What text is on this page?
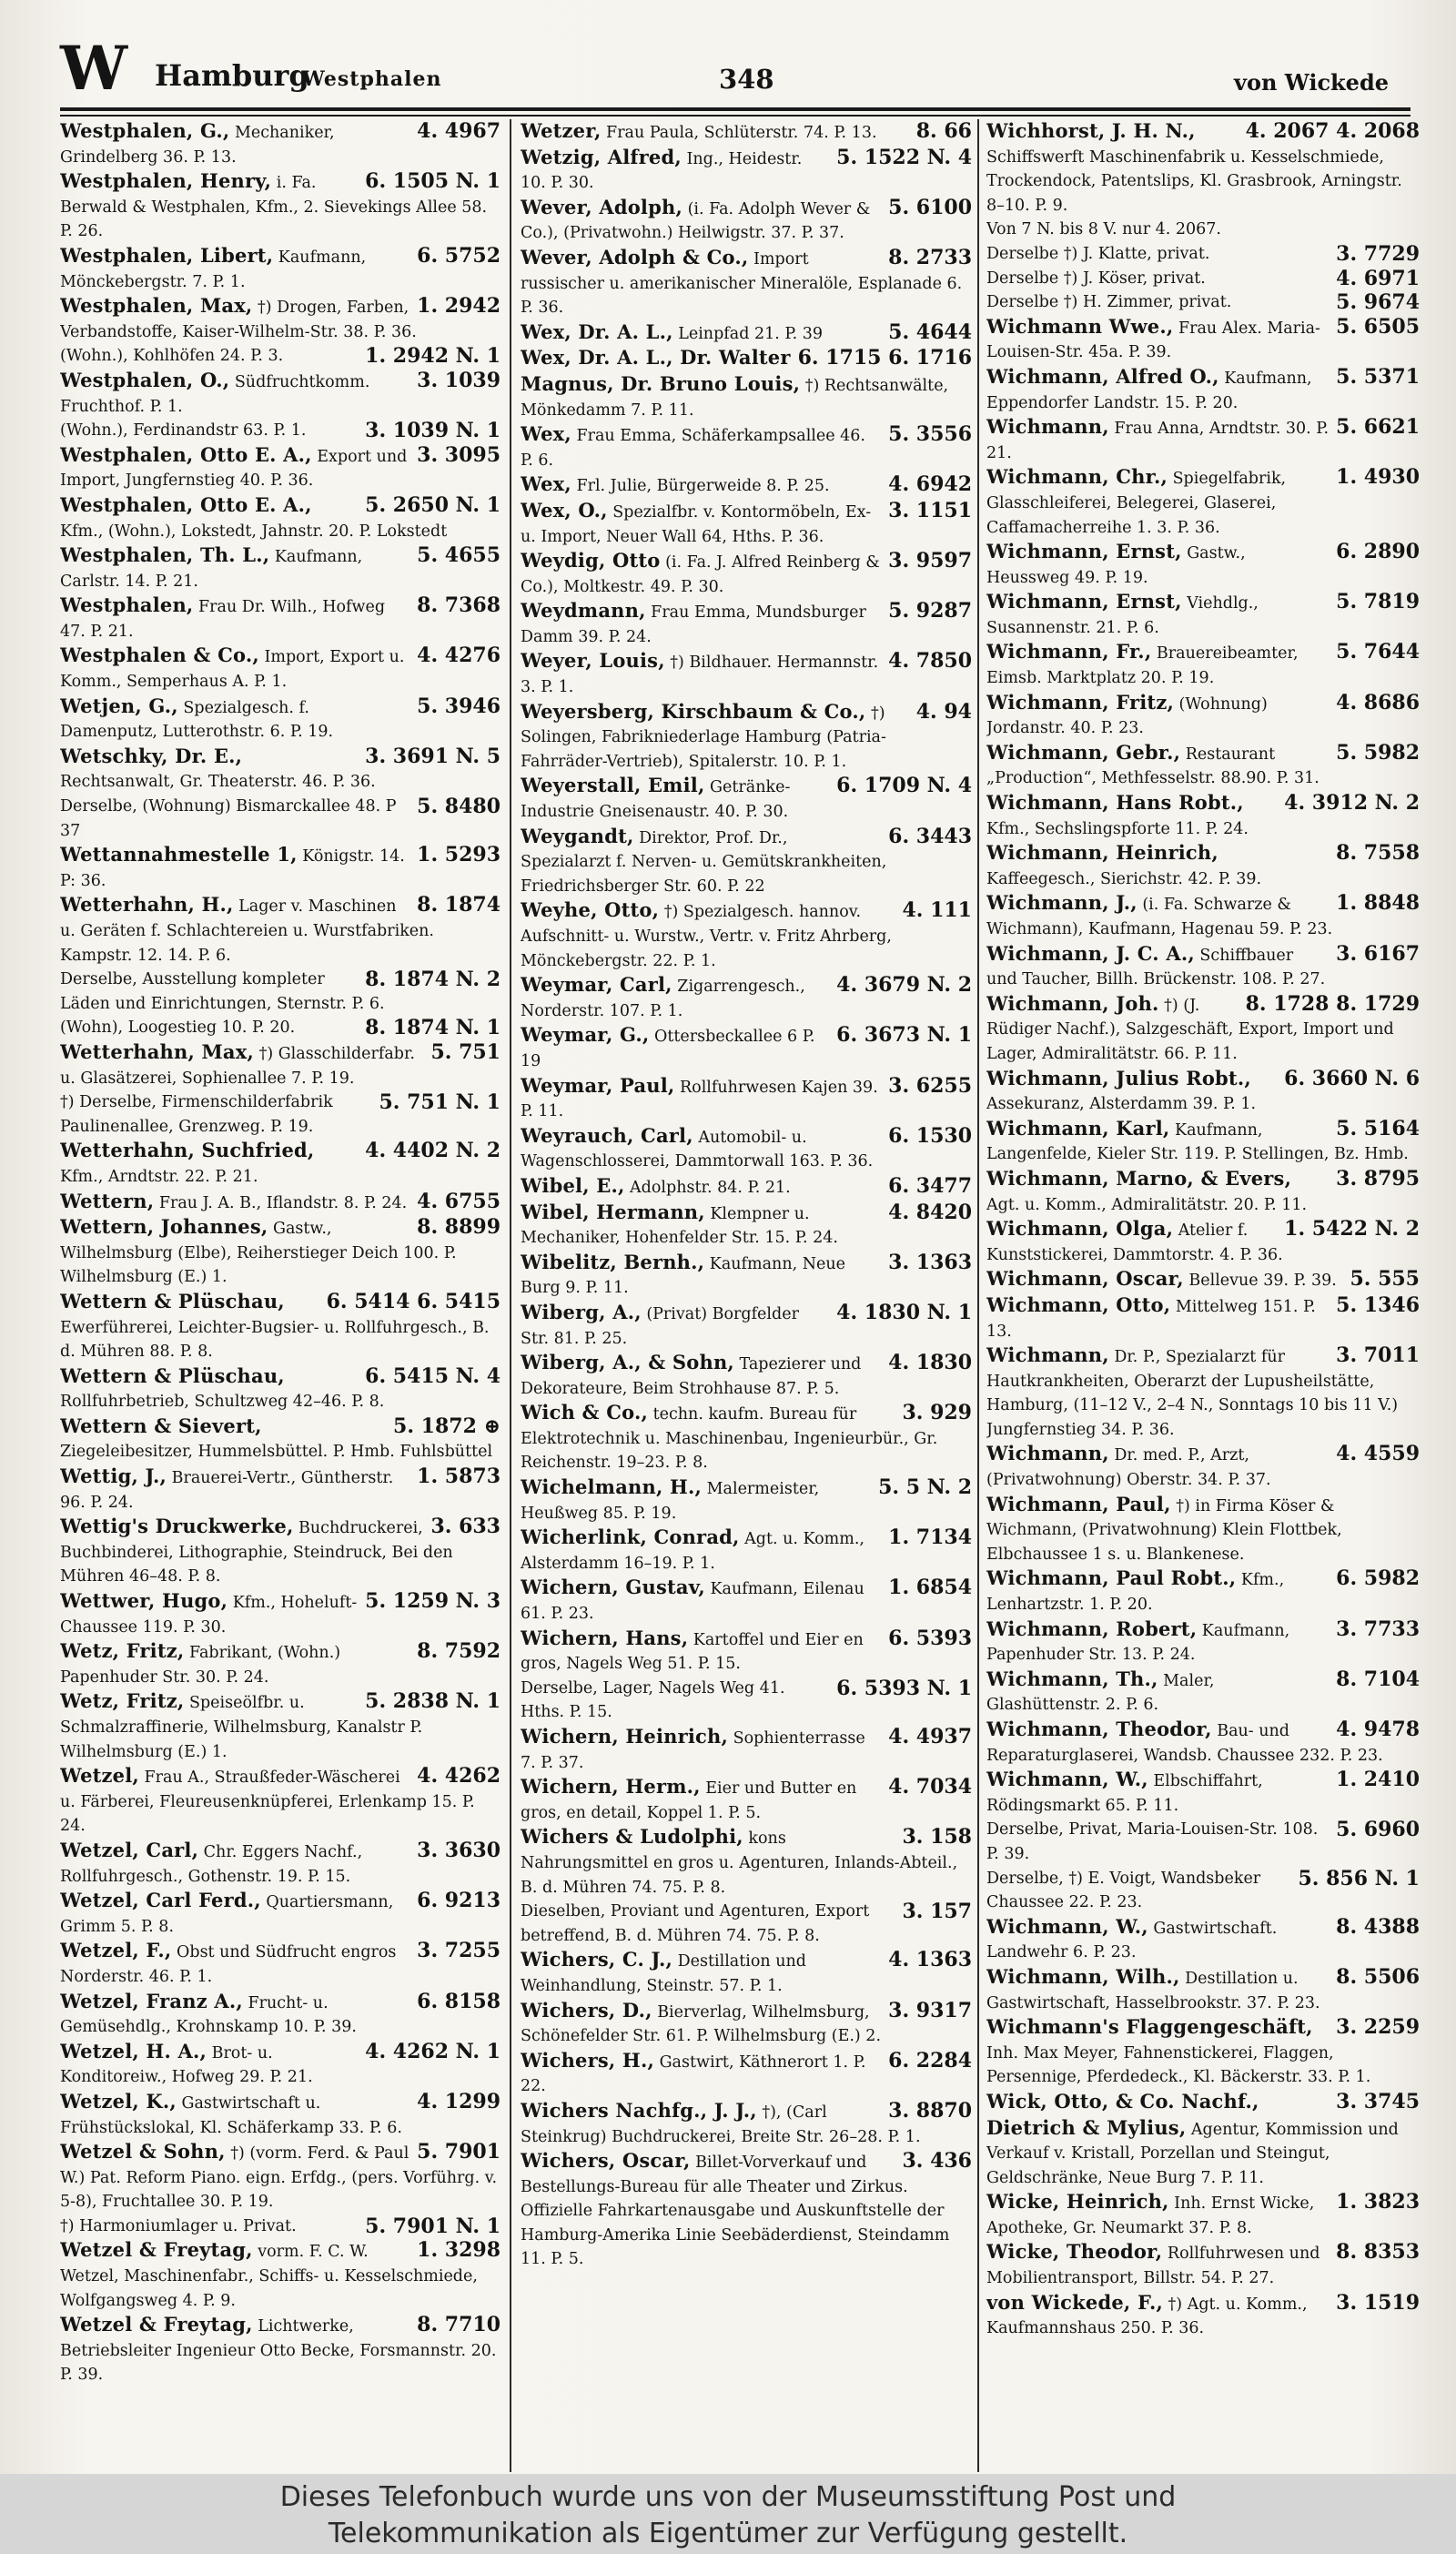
W Hamburg
Westphalen	348	von Wickede

4. 4967
Westphalen, G., Mechaniker, Grindelberg 36. P. 13.

6. 1505 N. 1
Westphalen, Henry, i. Fa. Berwald & Westphalen, Kfm., 2. Sievekings Allee 58. P. 26.

6. 5752
Westphalen, Libert, Kaufmann, Mönckebergstr. 7. P. 1.

1. 2942
Westphalen, Max, †) Drogen, Farben, Verbandstoffe, Kaiser-Wilhelm-Str. 38. P. 36.

1. 2942 N. 1
(Wohn.), Kohlhöfen 24. P. 3.

3. 1039
Westphalen, O., Südfruchtkomm. Fruchthof. P. 1.

3. 1039 N. 1
(Wohn.), Ferdinandstr 63. P. 1.

3. 3095
Westphalen, Otto E. A., Export und Import, Jungfernstieg 40. P. 36.

5. 2650 N. 1
Westphalen, Otto E. A., Kfm., (Wohn.), Lokstedt, Jahnstr. 20. P. Lokstedt

5. 4655
Westphalen, Th. L., Kaufmann, Carlstr. 14. P. 21.

8. 7368
Westphalen, Frau Dr. Wilh., Hofweg 47. P. 21.

4. 4276
Westphalen & Co., Import, Export u. Komm., Semperhaus A. P. 1.

5. 3946
Wetjen, G., Spezialgesch. f. Damenputz, Lutterothstr. 6. P. 19.

3. 3691 N. 5
Wetschky, Dr. E., Rechtsanwalt, Gr. Theaterstr. 46. P. 36.

5. 8480
Derselbe, (Wohnung) Bismarckallee 48. P 37

1. 5293
Wettannahmestelle 1, Königstr. 14. P: 36.

8. 1874
Wetterhahn, H., Lager v. Maschinen u. Geräten f. Schlachtereien u. Wurstfabriken. Kampstr. 12. 14. P. 6.

8. 1874 N. 2
Derselbe, Ausstellung kompleter Läden und Einrichtungen, Sternstr. P. 6.

8. 1874 N. 1
(Wohn), Loogestieg 10. P. 20.

5. 751
Wetterhahn, Max, †) Glasschilderfabr. u. Glasätzerei, Sophienallee 7. P. 19.

5. 751 N. 1
†) Derselbe, Firmenschilderfabrik Paulinenallee, Grenzweg. P. 19.

4. 4402 N. 2
Wetterhahn, Suchfried, Kfm., Arndtstr. 22. P. 21.

4. 6755
Wettern, Frau J. A. B., Iflandstr. 8. P. 24.

8. 8899
Wettern, Johannes, Gastw., Wilhelmsburg (Elbe), Reiherstieger Deich 100. P. Wilhelmsburg (E.) 1.

6. 5414 6. 5415
Wettern & Plüschau, Ewerführerei, Leichter-Bugsier- u. Rollfuhrgesch., B. d. Mühren 88. P. 8.

6. 5415 N. 4
Wettern & Plüschau, Rollfuhrbetrieb, Schultzweg 42–46. P. 8.

5. 1872 ⊕
Wettern & Sievert, Ziegeleibesitzer, Hummelsbüttel. P. Hmb. Fuhlsbüttel

1. 5873
Wettig, J., Brauerei-Vertr., Güntherstr. 96. P. 24.

3. 633
Wettig's Druckwerke, Buchdruckerei, Buchbinderei, Lithographie, Steindruck, Bei den Mühren 46–48. P. 8.

5. 1259 N. 3
Wettwer, Hugo, Kfm., Hoheluft-Chaussee 119. P. 30.

8. 7592
Wetz, Fritz, Fabrikant, (Wohn.) Papenhuder Str. 30. P. 24.

5. 2838 N. 1
Wetz, Fritz, Speiseölfbr. u. Schmalzraffinerie, Wilhelmsburg, Kanalstr P. Wilhelmsburg (E.) 1.

4. 4262
Wetzel, Frau A., Straußfeder-Wäscherei u. Färberei, Fleureusenknüpferei, Erlenkamp 15. P. 24.

3. 3630
Wetzel, Carl, Chr. Eggers Nachf., Rollfuhrgesch., Gothenstr. 19. P. 15.

6. 9213
Wetzel, Carl Ferd., Quartiersmann, Grimm 5. P. 8.

3. 7255
Wetzel, F., Obst und Südfrucht engros Norderstr. 46. P. 1.

6. 8158
Wetzel, Franz A., Frucht- u. Gemüsehdlg., Krohnskamp 10. P. 39.

4. 4262 N. 1
Wetzel, H. A., Brot- u. Konditoreiw., Hofweg 29. P. 21.

4. 1299
Wetzel, K., Gastwirtschaft u. Frühstückslokal, Kl. Schäferkamp 33. P. 6.

5. 7901
Wetzel & Sohn, †) (vorm. Ferd. & Paul W.) Pat. Reform Piano. eign. Erfdg., (pers. Vorführg. v. 5-8), Fruchtallee 30. P. 19.

5. 7901 N. 1
†) Harmoniumlager u. Privat.

1. 3298
Wetzel & Freytag, vorm. F. C. W. Wetzel, Maschinenfabr., Schiffs- u. Kesselschmiede, Wolfgangsweg 4. P. 9.

8. 7710
Wetzel & Freytag, Lichtwerke, Betriebsleiter Ingenieur Otto Becke, Forsmannstr. 20. P. 39.

8. 66
Wetzer, Frau Paula, Schlüterstr. 74. P. 13.

5. 1522 N. 4
Wetzig, Alfred, Ing., Heidestr. 10. P. 30.

5. 6100
Wever, Adolph, (i. Fa. Adolph Wever & Co.), (Privatwohn.) Heilwigstr. 37. P. 37.

8. 2733
Wever, Adolph & Co., Import russischer u. amerikanischer Mineralöle, Esplanade 6. P. 36.

5. 4644
Wex, Dr. A. L., Leinpfad 21. P. 39

6. 1715 6. 1716
Wex, Dr. A. L., Dr. Walter Magnus, Dr. Bruno Louis, †) Rechtsanwälte, Mönkedamm 7. P. 11.

5. 3556
Wex, Frau Emma, Schäferkampsallee 46. P. 6.

4. 6942
Wex, Frl. Julie, Bürgerweide 8. P. 25.

3. 1151
Wex, O., Spezialfbr. v. Kontormöbeln, Ex- u. Import, Neuer Wall 64, Hths. P. 36.

3. 9597
Weydig, Otto (i. Fa. J. Alfred Reinberg & Co.), Moltkestr. 49. P. 30.

5. 9287
Weydmann, Frau Emma, Mundsburger Damm 39. P. 24.

4. 7850
Weyer, Louis, †) Bildhauer. Hermannstr. 3. P. 1.

4. 94
Weyersberg, Kirschbaum & Co., †) Solingen, Fabrikniederlage Hamburg (Patria-Fahrräder-Vertrieb), Spitalerstr. 10. P. 1.

6. 1709 N. 4
Weyerstall, Emil, Getränke-Industrie Gneisenaustr. 40. P. 30.

6. 3443
Weygandt, Direktor, Prof. Dr., Spezialarzt f. Nerven- u. Gemütskrankheiten, Friedrichsberger Str. 60. P. 22

4. 111
Weyhe, Otto, †) Spezialgesch. hannov. Aufschnitt- u. Wurstw., Vertr. v. Fritz Ahrberg, Mönckebergstr. 22. P. 1.

4. 3679 N. 2
Weymar, Carl, Zigarrengesch., Norderstr. 107. P. 1.

6. 3673 N. 1
Weymar, G., Ottersbeckallee 6 P. 19

3. 6255
Weymar, Paul, Rollfuhrwesen Kajen 39. P. 11.

6. 1530
Weyrauch, Carl, Automobil- u. Wagenschlosserei, Dammtorwall 163. P. 36.

6. 3477
Wibel, E., Adolphstr. 84. P. 21.

4. 8420
Wibel, Hermann, Klempner u. Mechaniker, Hohenfelder Str. 15. P. 24.

3. 1363
Wibelitz, Bernh., Kaufmann, Neue Burg 9. P. 11.

4. 1830 N. 1
Wiberg, A., (Privat) Borgfelder Str. 81. P. 25.

4. 1830
Wiberg, A., & Sohn, Tapezierer und Dekorateure, Beim Strohhause 87. P. 5.

3. 929
Wich & Co., techn. kaufm. Bureau für Elektrotechnik u. Maschinenbau, Ingenieurbür., Gr. Reichenstr. 19–23. P. 8.

5. 5 N. 2
Wichelmann, H., Malermeister, Heußweg 85. P. 19.

1. 7134
Wicherlink, Conrad, Agt. u. Komm., Alsterdamm 16–19. P. 1.

1. 6854
Wichern, Gustav, Kaufmann, Eilenau 61. P. 23.

6. 5393
Wichern, Hans, Kartoffel und Eier en gros, Nagels Weg 51. P. 15.

6. 5393 N. 1
Derselbe, Lager, Nagels Weg 41. Hths. P. 15.

4. 4937
Wichern, Heinrich, Sophienterrasse 7. P. 37.

4. 7034
Wichern, Herm., Eier und Butter en gros, en detail, Koppel 1. P. 5.

3. 158
Wichers & Ludolphi, kons Nahrungsmittel en gros u. Agenturen, Inlands-Abteil., B. d. Mühren 74. 75. P. 8.

3. 157
Dieselben, Proviant und Agenturen, Export betreffend, B. d. Mühren 74. 75. P. 8.

4. 1363
Wichers, C. J., Destillation und Weinhandlung, Steinstr. 57. P. 1.

3. 9317
Wichers, D., Bierverlag, Wilhelmsburg, Schönefelder Str. 61. P. Wilhelmsburg (E.) 2.

6. 2284
Wichers, H., Gastwirt, Käthnerort 1. P. 22.

3. 8870
Wichers Nachfg., J. J., †), (Carl Steinkrug) Buchdruckerei, Breite Str. 26–28. P. 1.

3. 436
Wichers, Oscar, Billet-Vorverkauf und Bestellungs-Bureau für alle Theater und Zirkus. Offizielle Fahrkartenausgabe und Auskunftstelle der Hamburg-Amerika Linie Seebäderdienst, Steindamm 11. P. 5.

4. 2067 4. 2068
Wichhorst, J. H. N., Schiffswerft Maschinenfabrik u. Kesselschmiede, Trockendock, Patentslips, Kl. Grasbrook, Arningstr. 8–10. P. 9.

Von 7 N. bis 8 V. nur 4. 2067.

3. 7729
Derselbe †) J. Klatte, privat.

4. 6971
Derselbe †) J. Köser, privat.

5. 9674
Derselbe †) H. Zimmer, privat.

5. 6505
Wichmann Wwe., Frau Alex. Maria-Louisen-Str. 45a. P. 39.

5. 5371
Wichmann, Alfred O., Kaufmann, Eppendorfer Landstr. 15. P. 20.

5. 6621
Wichmann, Frau Anna, Arndtstr. 30. P. 21.

1. 4930
Wichmann, Chr., Spiegelfabrik, Glasschleiferei, Belegerei, Glaserei, Caffamacherreihe 1. 3. P. 36.

6. 2890
Wichmann, Ernst, Gastw., Heussweg 49. P. 19.

5. 7819
Wichmann, Ernst, Viehdlg., Susannenstr. 21. P. 6.

5. 7644
Wichmann, Fr., Brauereibeamter, Eimsb. Marktplatz 20. P. 19.

4. 8686
Wichmann, Fritz, (Wohnung) Jordanstr. 40. P. 23.

5. 5982
Wichmann, Gebr., Restaurant „Production“, Methfesselstr. 88.90. P. 31.

4. 3912 N. 2
Wichmann, Hans Robt., Kfm., Sechslingspforte 11. P. 24.

8. 7558
Wichmann, Heinrich, Kaffeegesch., Sierichstr. 42. P. 39.

1. 8848
Wichmann, J., (i. Fa. Schwarze & Wichmann), Kaufmann, Hagenau 59. P. 23.

3. 6167
Wichmann, J. C. A., Schiffbauer und Taucher, Billh. Brückenstr. 108. P. 27.

8. 1728 8. 1729
Wichmann, Joh. †) (J. Rüdiger Nachf.), Salzgeschäft, Export, Import und Lager, Admiralitätstr. 66. P. 11.

6. 3660 N. 6
Wichmann, Julius Robt., Assekuranz, Alsterdamm 39. P. 1.

5. 5164
Wichmann, Karl, Kaufmann, Langenfelde, Kieler Str. 119. P. Stellingen, Bz. Hmb.

3. 8795
Wichmann, Marno, & Evers, Agt. u. Komm., Admiralitätstr. 20. P. 11.

1. 5422 N. 2
Wichmann, Olga, Atelier f. Kunststickerei, Dammtorstr. 4. P. 36.

5. 555
Wichmann, Oscar, Bellevue 39. P. 39.

5. 1346
Wichmann, Otto, Mittelweg 151. P. 13.

3. 7011
Wichmann, Dr. P., Spezialarzt für Hautkrankheiten, Oberarzt der Lupusheilstätte, Hamburg, (11–12 V., 2–4 N., Sonntags 10 bis 11 V.) Jungfernstieg 34. P. 36.

4. 4559
Wichmann, Dr. med. P., Arzt, (Privatwohnung) Oberstr. 34. P. 37.

Wichmann, Paul, †) in Firma Köser & Wichmann, (Privatwohnung) Klein Flottbek, Elbchaussee 1 s. u. Blankenese.

6. 5982
Wichmann, Paul Robt., Kfm., Lenhartzstr. 1. P. 20.

3. 7733
Wichmann, Robert, Kaufmann, Papenhuder Str. 13. P. 24.

8. 7104
Wichmann, Th., Maler, Glashüttenstr. 2. P. 6.

4. 9478
Wichmann, Theodor, Bau- und Reparaturglaserei, Wandsb. Chaussee 232. P. 23.

1. 2410
Wichmann, W., Elbschiffahrt, Rödingsmarkt 65. P. 11.

5. 6960
Derselbe, Privat, Maria-Louisen-Str. 108. P. 39.

5. 856 N. 1
Derselbe, †) E. Voigt, Wandsbeker Chaussee 22. P. 23.

8. 4388
Wichmann, W., Gastwirtschaft. Landwehr 6. P. 23.

8. 5506
Wichmann, Wilh., Destillation u. Gastwirtschaft, Hasselbrookstr. 37. P. 23.

3. 2259
Wichmann's Flaggengeschäft, Inh. Max Meyer, Fahnenstickerei, Flaggen, Persennige, Pferdedeck., Kl. Bäckerstr. 33. P. 1.

3. 3745
Wick, Otto, & Co. Nachf., Dietrich & Mylius, Agentur, Kommission und Verkauf v. Kristall, Porzellan und Steingut, Geldschränke, Neue Burg 7. P. 11.

1. 3823
Wicke, Heinrich, Inh. Ernst Wicke, Apotheke, Gr. Neumarkt 37. P. 8.

8. 8353
Wicke, Theodor, Rollfuhrwesen und Mobilientransport, Billstr. 54. P. 27.

3. 1519
von Wickede, F., †) Agt. u. Komm., Kaufmannshaus 250. P. 36.

Dieses Telefonbuch wurde uns von der Museumsstiftung Post und
Telekommunikation als Eigentümer zur Verfügung gestellt.
